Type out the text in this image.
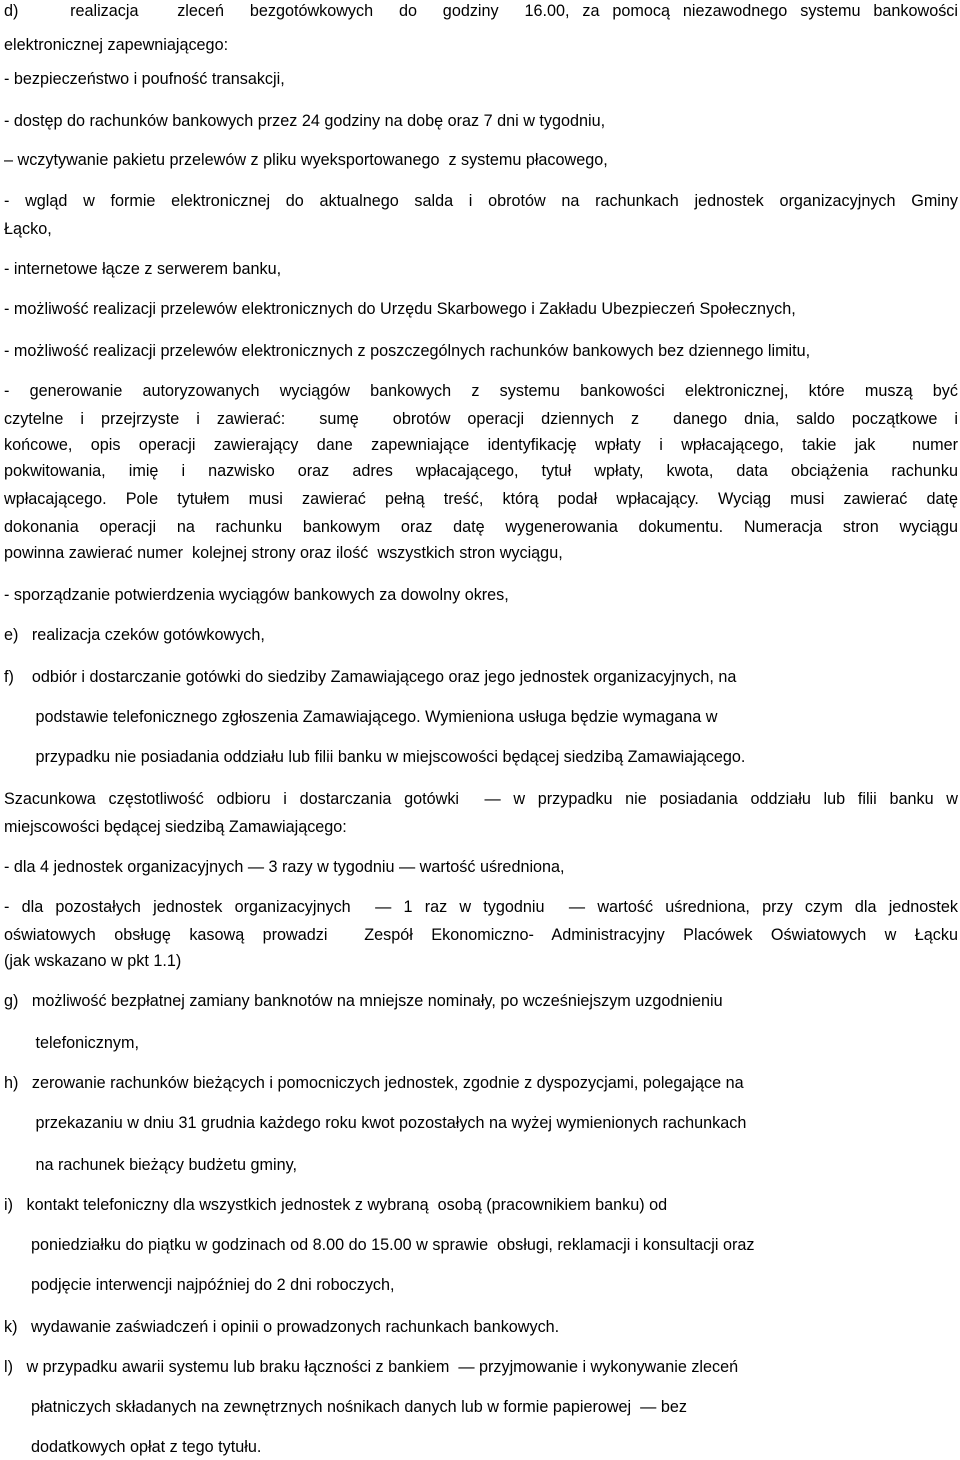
d)    realizacja   zleceń  bezgotówkowych  do  godziny  16.00, za pomocą niezawodnego systemu bankowości
elektronicznej zapewniającego:
- bezpieczeństwo i poufność transakcji,
- dostęp do rachunków bankowych przez 24 godziny na dobę oraz 7 dni w tygodniu,
– wczytywanie pakietu przelewów z pliku wyeksportowanego  z systemu płacowego,
- wgląd w formie elektronicznej do aktualnego salda i obrotów na rachunkach jednostek organizacyjnych Gminy
Łącko,
- internetowe łącze z serwerem banku,
- możliwość realizacji przelewów elektronicznych do Urzędu Skarbowego i Zakładu Ubezpieczeń Społecznych,
- możliwość realizacji przelewów elektronicznych z poszczególnych rachunków bankowych bez dziennego limitu,
- generowanie autoryzowanych wyciągów bankowych z systemu bankowości elektronicznej, które muszą być
czytelne i przejrzyste i zawierać:  sumę  obrotów operacji dziennych z  danego dnia, saldo początkowe i
końcowe, opis operacji zawierający dane zapewniające identyfikację wpłaty i wpłacającego, takie jak  numer
pokwitowania, imię i nazwisko oraz adres wpłacającego, tytuł wpłaty, kwota, data obciążenia rachunku
wpłacającego. Pole tytułem musi zawierać pełną treść, którą podał wpłacający. Wyciąg musi zawierać datę
dokonania operacji na rachunku bankowym oraz datę wygenerowania dokumentu. Numeracja stron wyciągu
powinna zawierać numer  kolejnej strony oraz ilość  wszystkich stron wyciągu,
- sporządzanie potwierdzenia wyciągów bankowych za dowolny okres,
e)   realizacja czeków gotówkowych,
f)    odbiór i dostarczanie gotówki do siedziby Zamawiającego oraz jego jednostek organizacyjnych, na
podstawie telefonicznego zgłoszenia Zamawiającego. Wymieniona usługa będzie wymagana w
przypadku nie posiadania oddziału lub filii banku w miejscowości będącej siedzibą Zamawiającego.
Szacunkowa częstotliwość odbioru i dostarczania gotówki  — w przypadku nie posiadania oddziału lub filii banku w
miejscowości będącej siedzibą Zamawiającego:
- dla 4 jednostek organizacyjnych — 3 razy w tygodniu — wartość uśredniona,
- dla pozostałych jednostek organizacyjnych  — 1 raz w tygodniu  — wartość uśredniona, przy czym dla jednostek
oświatowych obsługę kasową prowadzi  Zespół Ekonomiczno- Administracyjny Placówek Oświatowych w Łącku
(jak wskazano w pkt 1.1)
g)   możliwość bezpłatnej zamiany banknotów na mniejsze nominały, po wcześniejszym uzgodnieniu
telefonicznym,
h)   zerowanie rachunków bieżących i pomocniczych jednostek, zgodnie z dyspozycjami, polegające na
przekazaniu w dniu 31 grudnia każdego roku kwot pozostałych na wyżej wymienionych rachunkach
na rachunek bieżący budżetu gminy,
i)   kontakt telefoniczny dla wszystkich jednostek z wybraną  osobą (pracownikiem banku) od
poniedziałku do piątku w godzinach od 8.00 do 15.00 w sprawie  obsługi, reklamacji i konsultacji oraz
podjęcie interwencji najpóźniej do 2 dni roboczych,
k)   wydawanie zaświadczeń i opinii o prowadzonych rachunkach bankowych.
l)   w przypadku awarii systemu lub braku łączności z bankiem  — przyjmowanie i wykonywanie zleceń
płatniczych składanych na zewnętrznych nośnikach danych lub w formie papierowej  — bez
dodatkowych opłat z tego tytułu.
